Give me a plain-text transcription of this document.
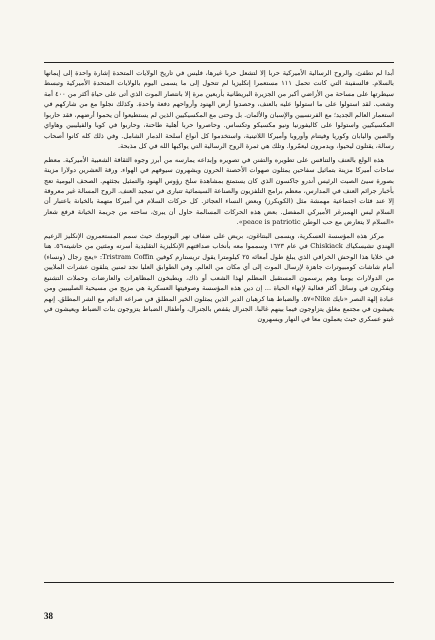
أبدا لم تطفئ، والروح الرسالية الأميركية حربا إلا لتشعل حربا غيرها، فليس في تاريخ الولايات المتحدة إشارة واحدة إلى إيمانها بالسلام. فالسفينة التي كانت تحمل ١١١ مستعمرا إنكليزيا لم تتحول إلى ما يسمى اليوم بالولايات المتحدة الأميركية وتبسط سيطرتها على مساحة من الأراضي أكبر من الجزيرة البريطانية بأربعين مرة إلا بانتصار الموت الذي أتى على حياة أكثر من ٤٠٠ أمة وشعب. لقد استولوا على ما استولوا عليه بالعنف، وحصدوا أرض الهنود وأرواحهم دفعة واحدة. وكذلك نجلوا مع من شاركهم في استعمار العالم الجديد؛ مع الفرنسيين والإسبان والألمان. بل وحتى مع المكسيكيين الذين لم يستطيعوا أن يحموا أرضهم، فقد حاربوا المكسيكيين واستولوا على كاليفورنيا ونيو مكسيكو وتكساس. وحاصروا حربا أهلية طاحنة، وحاربوا في كوبا والفيليبين وهاواي والصين واليابان وكوريا وفيتنام وأوروبا وأميركا اللاتينية، واستخدموا كل أنواع أسلحة الدمار الشامل. وفي ذلك كله كانوا أصحاب رسالة، يقتلون ليحيوا، ويدمرون ليعمّروا. وتلك هي ثمرة الروح الرسالية التي يواكبها الله في كل مذبحة.

هذه الولع بالعنف والتنافس على تطويره والتفنن في تصويره وإبداعه يمارسه من أبرز وجوه الثقافة الشعبية الأميركية. معظم ساحات أميركا مزينة بتماثيل سفاحين يمثلون صهوات الأحصنة الحرون ويشهرون سيوفهم في الهواء. ورقة العشرين دولارا مزينة بصورة سيئ الصيت الرئيس أندرو جاكسون الذي كان يستمتع بمشاهدة سلخ رؤوس الهنود والتمثيل بجثثهم. الصحف اليومية تعج بأخبار جرائم العنف في المدارس، معظم برامج التلفزيون والصناعة السينمائية تتبارى في تمجيد العنف. الروح المسالة غير معروفة إلا عند فئات اجتماعية مهمشة مثل (الكويكرز) وبعض النساء العجائز. كل حركات السلام في أميركا متهمة بالخيانة باعتبار أن السلام ليس الهمبرغر الأميركي المفضل. بعض هذه الحركات المسالمة حاول أن يبرئ، ساحته من جريمة الخيانة فرفع شعار «السلام لا يتعارض مع حب الوطن peace is patriotic».

مركز هذه المؤسسة العسكرية، ويسمى البنتاغون، بريض على ضفاف نهر اليوتومك حيث سمم المستعمرون الإنكليز الزعيم الهندي تشيسكياك Chiskiack في عام ١٦٢٣ وسمموا معه بأنخاب صداقتهم الإنكليزية التقليدية أسرته ومئتين من حاشيته٥٦. هنا في خلايا هذا الوحش الخرافي الذي يبلغ طول أمعائه ٢٥ كيلومترا يقول تريستارم كوفين Tristram Coffin: «يعج رجال (ونساء) أمام شاشات كومبيوترات جاهزة لإرسال الموت إلى أي مكان من العالم. وفي الطوابق العليا نجد ثمنين يتلقون عشرات الملايين من الدولارات يوميا وهم يرسمون المستقبل المظلم لهذا الشعب أو ذاك، ويطبخون المظاهرات والعارضات وحملات التشنيع ويفكرون في وسائل أكثر فعالية لإنهاء الحياة ... إن دين هذه المؤسسة وصوفيتها العسكرية هي مزيج من مسيحية الصليبيين ومن عبادة إلهة النصر «نايك Nike»٥٧. والضباط هنا كرهبان الدير الذين يمثلون الخير المطلق في صراعه الدائم مع الشر المطلق. إنهم يعيشون في مجتمع مغلق يتزاوجون فيما بينهم غالبا. الجنرال يقفص بالجنرال، وأطفال الضباط يتزوجون بنات الضباط ويعيشون في غيتو عسكري حيث يعملون معا في النهار ويسهرون

38
